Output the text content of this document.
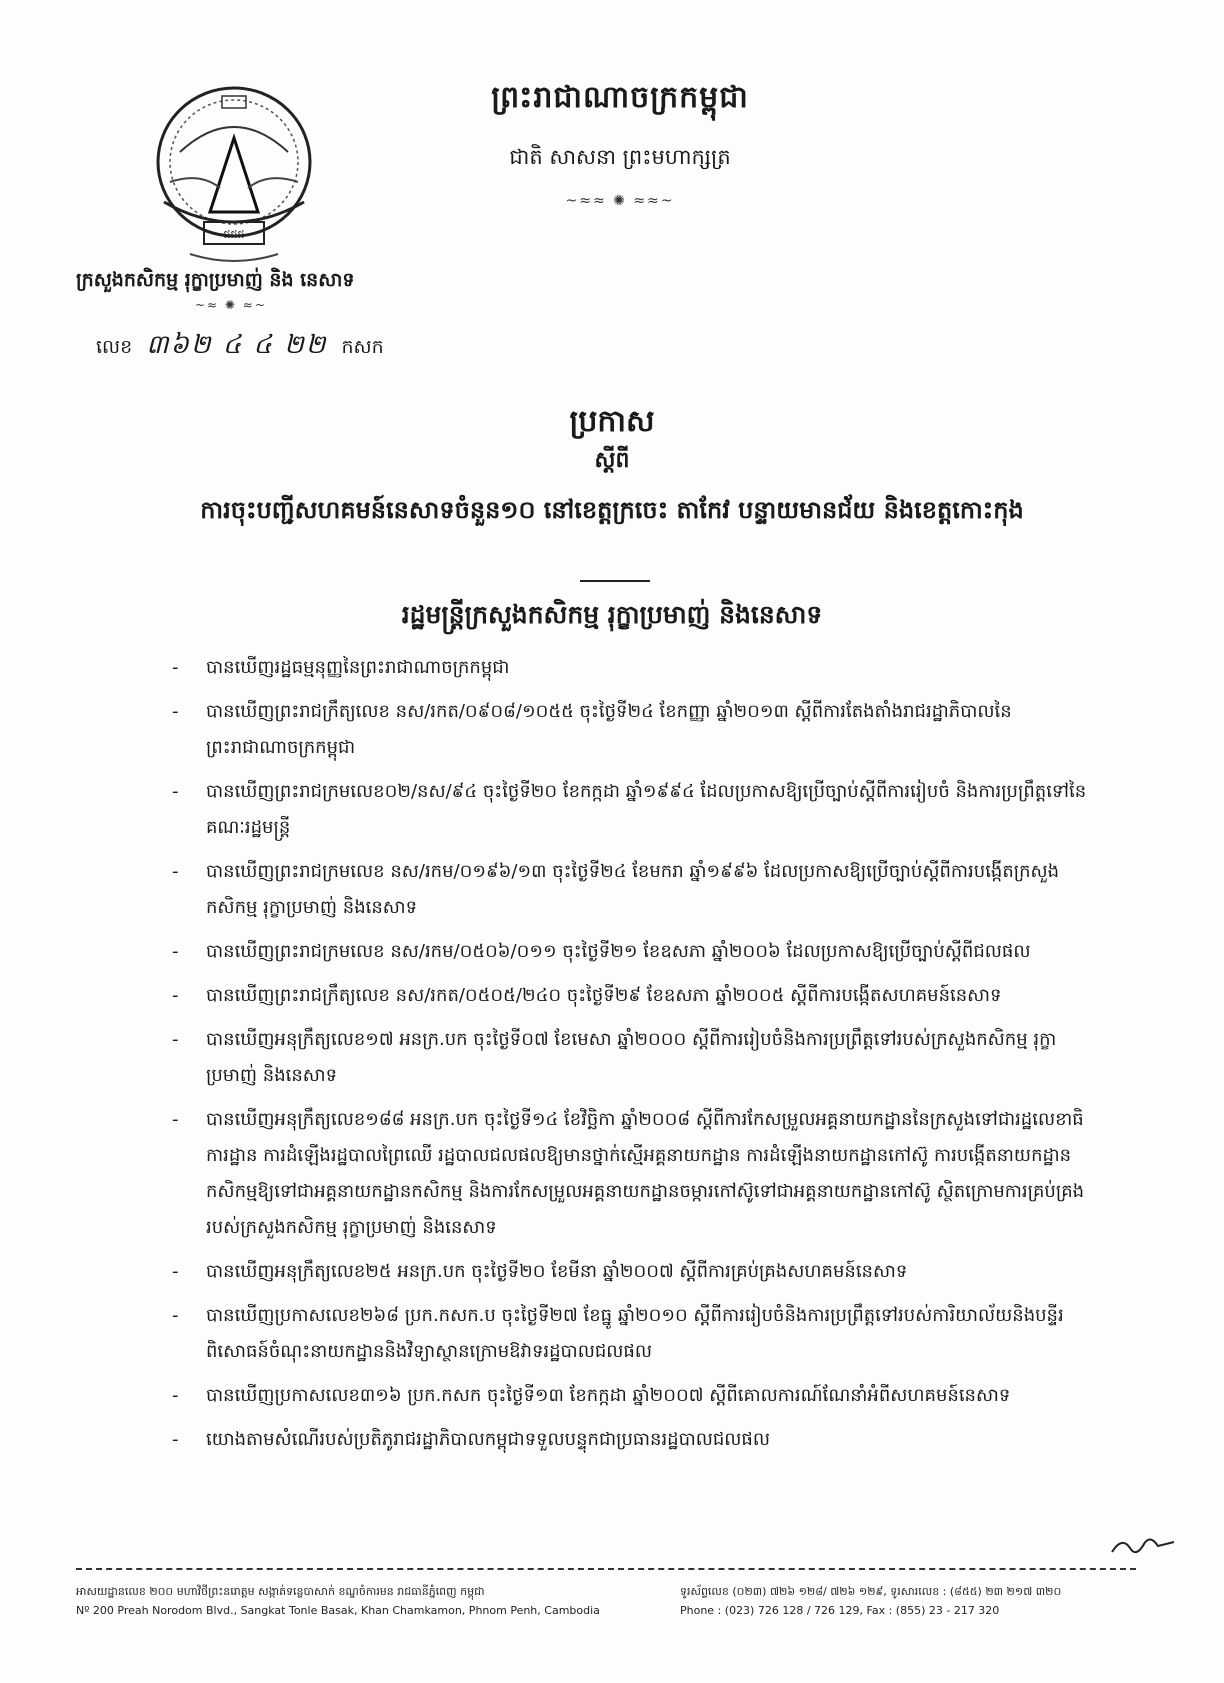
ជជជ
ព្រះរាជាណាចក្រកម្ពុជា
ជាតិ សាសនា ព្រះមហាក្សត្រ
~≈≈ ✺ ≈≈~
ក្រសួងកសិកម្ម រុក្ខាប្រមាញ់ និង នេសាទ
~≈ ✺ ≈~
លេខ ៣៦២ ៤ ៤ ២២ កសក
ប្រកាស
ស្តីពី
ការចុះបញ្ជីសហគមន៍នេសាទចំនួន១០ នៅខេត្តក្រចេះ តាកែវ បន្ទាយមានជ័យ និងខេត្តកោះកុង
រដ្ឋមន្ត្រីក្រសួងកសិកម្ម រុក្ខាប្រមាញ់ និងនេសាទ
- បានឃើញរដ្ឋធម្មនុញ្ញនៃព្រះរាជាណាចក្រកម្ពុជា
- បានឃើញព្រះរាជក្រឹត្យលេខ នស/រកត/០៩០៨/១០៥៥ ចុះថ្ងៃទី២៤ ខែកញ្ញា ឆ្នាំ២០១៣ ស្តីពីការតែងតាំងរាជរដ្ឋាភិបាលនៃព្រះរាជាណាចក្រកម្ពុជា
- បានឃើញព្រះរាជក្រមលេខ០២/នស/៩៤ ចុះថ្ងៃទី២០ ខែកក្កដា ឆ្នាំ១៩៩៤ ដែលប្រកាសឱ្យប្រើច្បាប់ស្តីពីការរៀបចំ និងការប្រព្រឹត្តទៅនៃគណៈរដ្ឋមន្ត្រី
- បានឃើញព្រះរាជក្រមលេខ នស/រកម/០១៩៦/១៣ ចុះថ្ងៃទី២៤ ខែមករា ឆ្នាំ១៩៩៦ ដែលប្រកាសឱ្យប្រើច្បាប់ស្តីពីការបង្កើតក្រសួងកសិកម្ម រុក្ខាប្រមាញ់ និងនេសាទ
- បានឃើញព្រះរាជក្រមលេខ នស/រកម/០៥០៦/០១១ ចុះថ្ងៃទី២១ ខែឧសភា ឆ្នាំ២០០៦ ដែលប្រកាសឱ្យប្រើច្បាប់ស្តីពីជលផល
- បានឃើញព្រះរាជក្រឹត្យលេខ នស/រកត/០៥០៥/២៤០ ចុះថ្ងៃទី២៩ ខែឧសភា ឆ្នាំ២០០៥ ស្តីពីការបង្កើតសហគមន៍នេសាទ
- បានឃើញអនុក្រឹត្យលេខ១៧ អនក្រ.បក ចុះថ្ងៃទី០៧ ខែមេសា ឆ្នាំ២០០០ ស្តីពីការរៀបចំនិងការប្រព្រឹត្តទៅរបស់ក្រសួងកសិកម្ម រុក្ខាប្រមាញ់ និងនេសាទ
- បានឃើញអនុក្រឹត្យលេខ១៨៨ អនក្រ.បក ចុះថ្ងៃទី១៤ ខែវិច្ឆិកា ឆ្នាំ២០០៨ ស្តីពីការកែសម្រួលអគ្គនាយកដ្ឋាននៃក្រសួងទៅជារដ្ឋលេខាធិការដ្ឋាន ការដំឡើងរដ្ឋបាលព្រៃឈើ រដ្ឋបាលជលផលឱ្យមានថ្នាក់ស្មើអគ្គនាយកដ្ឋាន ការដំឡើងនាយកដ្ឋានកៅស៊ូ ការបង្កើតនាយកដ្ឋានកសិកម្មឱ្យទៅជាអគ្គនាយកដ្ឋានកសិកម្ម និងការកែសម្រួលអគ្គនាយកដ្ឋានចម្ការកៅស៊ូទៅជាអគ្គនាយកដ្ឋានកៅស៊ូ ស្ថិតក្រោមការគ្រប់គ្រងរបស់ក្រសួងកសិកម្ម រុក្ខាប្រមាញ់ និងនេសាទ
- បានឃើញអនុក្រឹត្យលេខ២៥ អនក្រ.បក ចុះថ្ងៃទី២០ ខែមីនា ឆ្នាំ២០០៧ ស្តីពីការគ្រប់គ្រងសហគមន៍នេសាទ
- បានឃើញប្រកាសលេខ២៦៨ ប្រក.កសក.ប ចុះថ្ងៃទី២៧ ខែធ្នូ ឆ្នាំ២០១០ ស្តីពីការរៀបចំនិងការប្រព្រឹត្តទៅរបស់ការិយាល័យនិងបន្ទីរពិសោធន៍ចំណុះនាយកដ្ឋាននិងវិទ្យាស្ថានក្រោមឱវាទរដ្ឋបាលជលផល
- បានឃើញប្រកាសលេខ៣១៦ ប្រក.កសក ចុះថ្ងៃទី១៣ ខែកក្កដា ឆ្នាំ២០០៧ ស្តីពីគោលការណ៍ណែនាំអំពីសហគមន៍នេសាទ
- យោងតាមសំណើរបស់ប្រតិភូរាជរដ្ឋាភិបាលកម្ពុជាទទួលបន្ទុកជាប្រធានរដ្ឋបាលជលផល
អាសយដ្ឋានលេខ ២០០ មហាវិថីព្រះនរោត្តម សង្កាត់ទន្លេបាសាក់ ខណ្ឌចំការមន រាជធានីភ្នំពេញ កម្ពុជា
Nº 200 Preah Norodom Blvd., Sangkat Tonle Basak, Khan Chamkamon, Phnom Penh, Cambodia
ទូរស័ព្ទលេខ (០២៣) ៧២៦ ១២៨/ ៧២៦ ១២៩, ទូរសារលេខ : (៨៥៥) ២៣ ២១៧ ៣២០
Phone : (023) 726 128 / 726 129, Fax : (855) 23 - 217 320
